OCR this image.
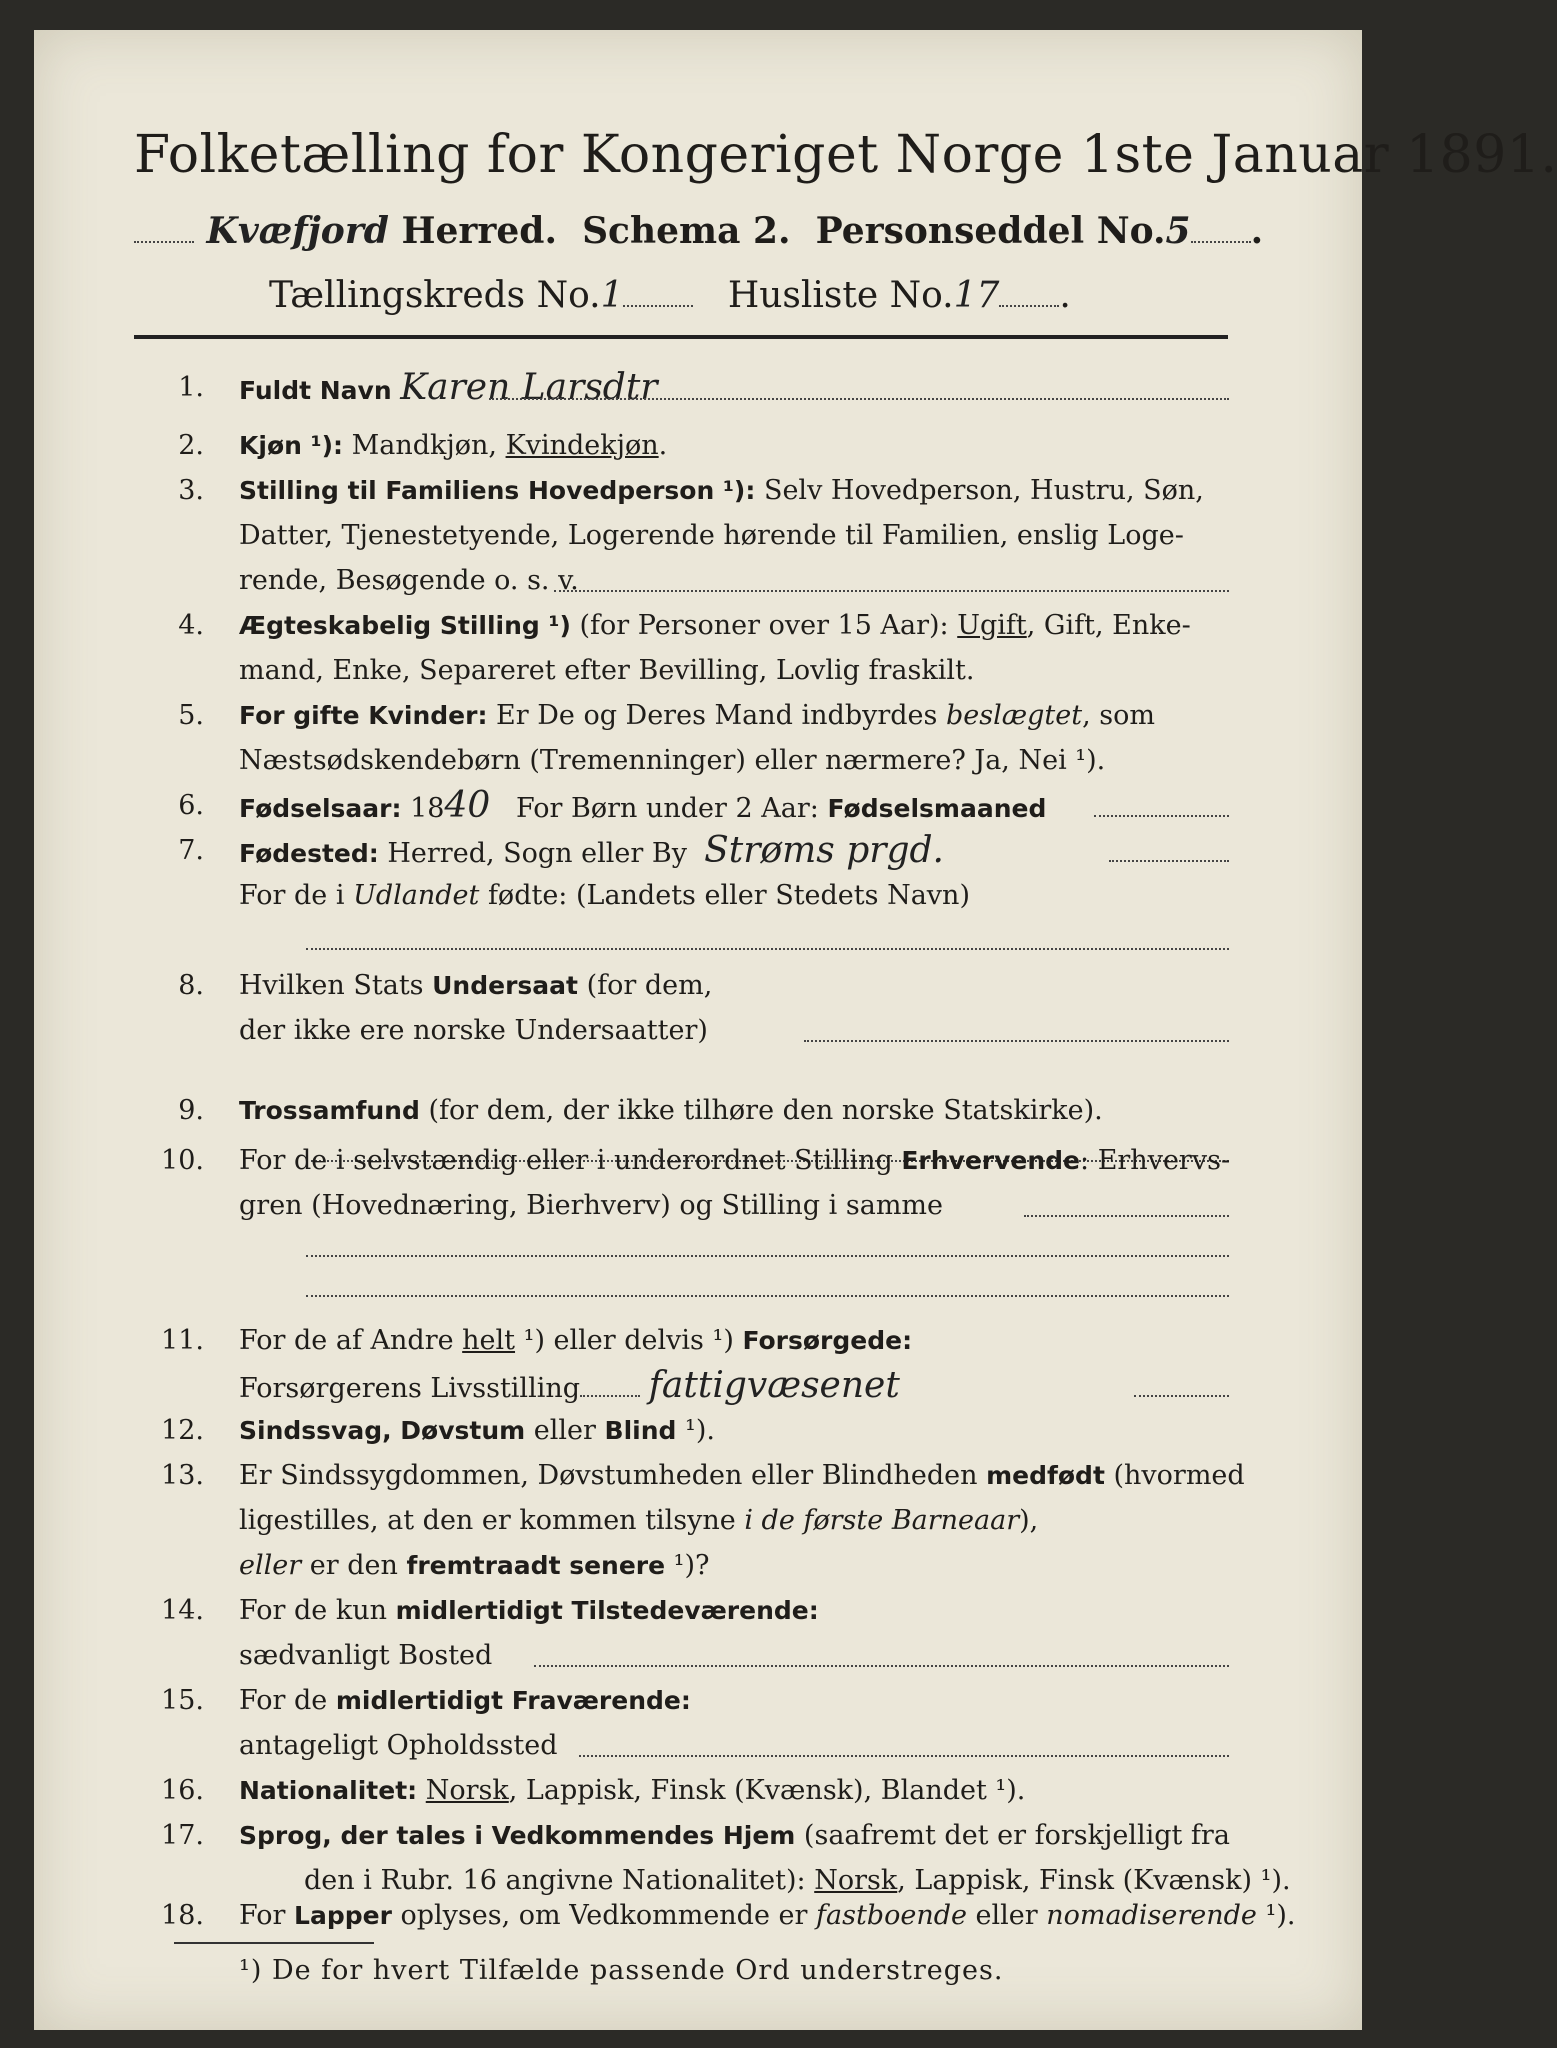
Folketælling for Kongeriget Norge 1ste Januar 1891.
Kvæfjord Herred. Schema 2. Personseddel No.5 .
Tællingskreds No.1	Husliste No.17 .
1. Fuldt Navn Karen Larsdtr
2. Kjøn ¹): Mandkjøn, Kvindekjøn.
3. Stilling til Familiens Hovedperson ¹): Selv Hovedperson, Hustru, Søn,
Datter, Tjenestetyende, Logerende hørende til Familien, enslig Loge-
rende, Besøgende o. s. v.
4. Ægteskabelig Stilling ¹) (for Personer over 15 Aar): Ugift, Gift, Enke-
mand, Enke, Separeret efter Bevilling, Lovlig fraskilt.
5. For gifte Kvinder: Er De og Deres Mand indbyrdes beslægtet, som
Næstsødskendebørn (Tremenninger) eller nærmere? Ja, Nei ¹).
6. Fødselsaar: 1840 For Børn under 2 Aar: Fødselsmaaned
7. Fødested: Herred, Sogn eller By Strøms prgd.
For de i Udlandet fødte: (Landets eller Stedets Navn)
8. Hvilken Stats Undersaat (for dem,
der ikke ere norske Undersaatter)
9. Trossamfund (for dem, der ikke tilhøre den norske Statskirke).
10. For de i selvstændig eller i underordnet Stilling Erhvervende: Erhvervs-
gren (Hovednæring, Bierhverv) og Stilling i samme
11. For de af Andre helt ¹) eller delvis ¹) Forsørgede:
Forsørgerens Livsstilling fattigvæsenet
12. Sindssvag, Døvstum eller Blind ¹).
13. Er Sindssygdommen, Døvstumheden eller Blindheden medfødt (hvormed
ligestilles, at den er kommen tilsyne i de første Barneaar),
eller er den fremtraadt senere ¹)?
14. For de kun midlertidigt Tilstedeværende:
sædvanligt Bosted
15. For de midlertidigt Fraværende:
antageligt Opholdssted
16. Nationalitet: Norsk, Lappisk, Finsk (Kvænsk), Blandet ¹).
17. Sprog, der tales i Vedkommendes Hjem (saafremt det er forskjelligt fra
den i Rubr. 16 angivne Nationalitet): Norsk, Lappisk, Finsk (Kvænsk) ¹).
18. For Lapper oplyses, om Vedkommende er fastboende eller nomadiserende ¹).
¹) De for hvert Tilfælde passende Ord understreges.
